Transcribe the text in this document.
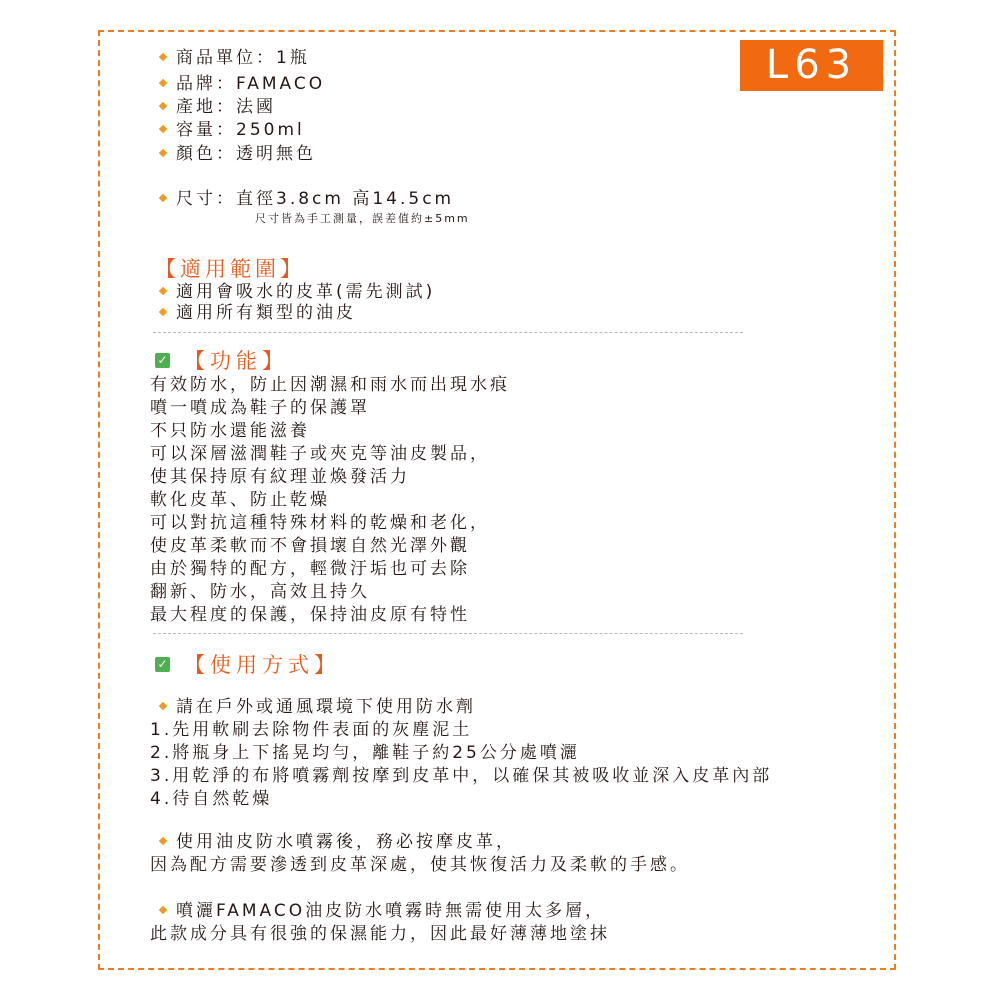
L63
商品單位：1瓶
品牌：FAMACO
產地：法國
容量：250ml
顏色：透明無色
尺寸：直徑3.8cm 高14.5cm
尺寸皆為手工測量，誤差值約±5mm
【適用範圍】
適用會吸水的皮革(需先測試)
適用所有類型的油皮
✓ 【功能】
有效防水，防止因潮濕和雨水而出現水痕
噴一噴成為鞋子的保護罩
不只防水還能滋養
可以深層滋潤鞋子或夾克等油皮製品，
使其保持原有紋理並煥發活力
軟化皮革、防止乾燥
可以對抗這種特殊材料的乾燥和老化，
使皮革柔軟而不會損壞自然光澤外觀
由於獨特的配方，輕微汙垢也可去除
翻新、防水，高效且持久
最大程度的保護，保持油皮原有特性
✓ 【使用方式】
請在戶外或通風環境下使用防水劑
1.先用軟刷去除物件表面的灰塵泥土
2.將瓶身上下搖晃均勻，離鞋子約25公分處噴灑
3.用乾淨的布將噴霧劑按摩到皮革中，以確保其被吸收並深入皮革內部
4.待自然乾燥
使用油皮防水噴霧後，務必按摩皮革，
因為配方需要滲透到皮革深處，使其恢復活力及柔軟的手感。
噴灑FAMACO油皮防水噴霧時無需使用太多層，
此款成分具有很強的保濕能力，因此最好薄薄地塗抹
